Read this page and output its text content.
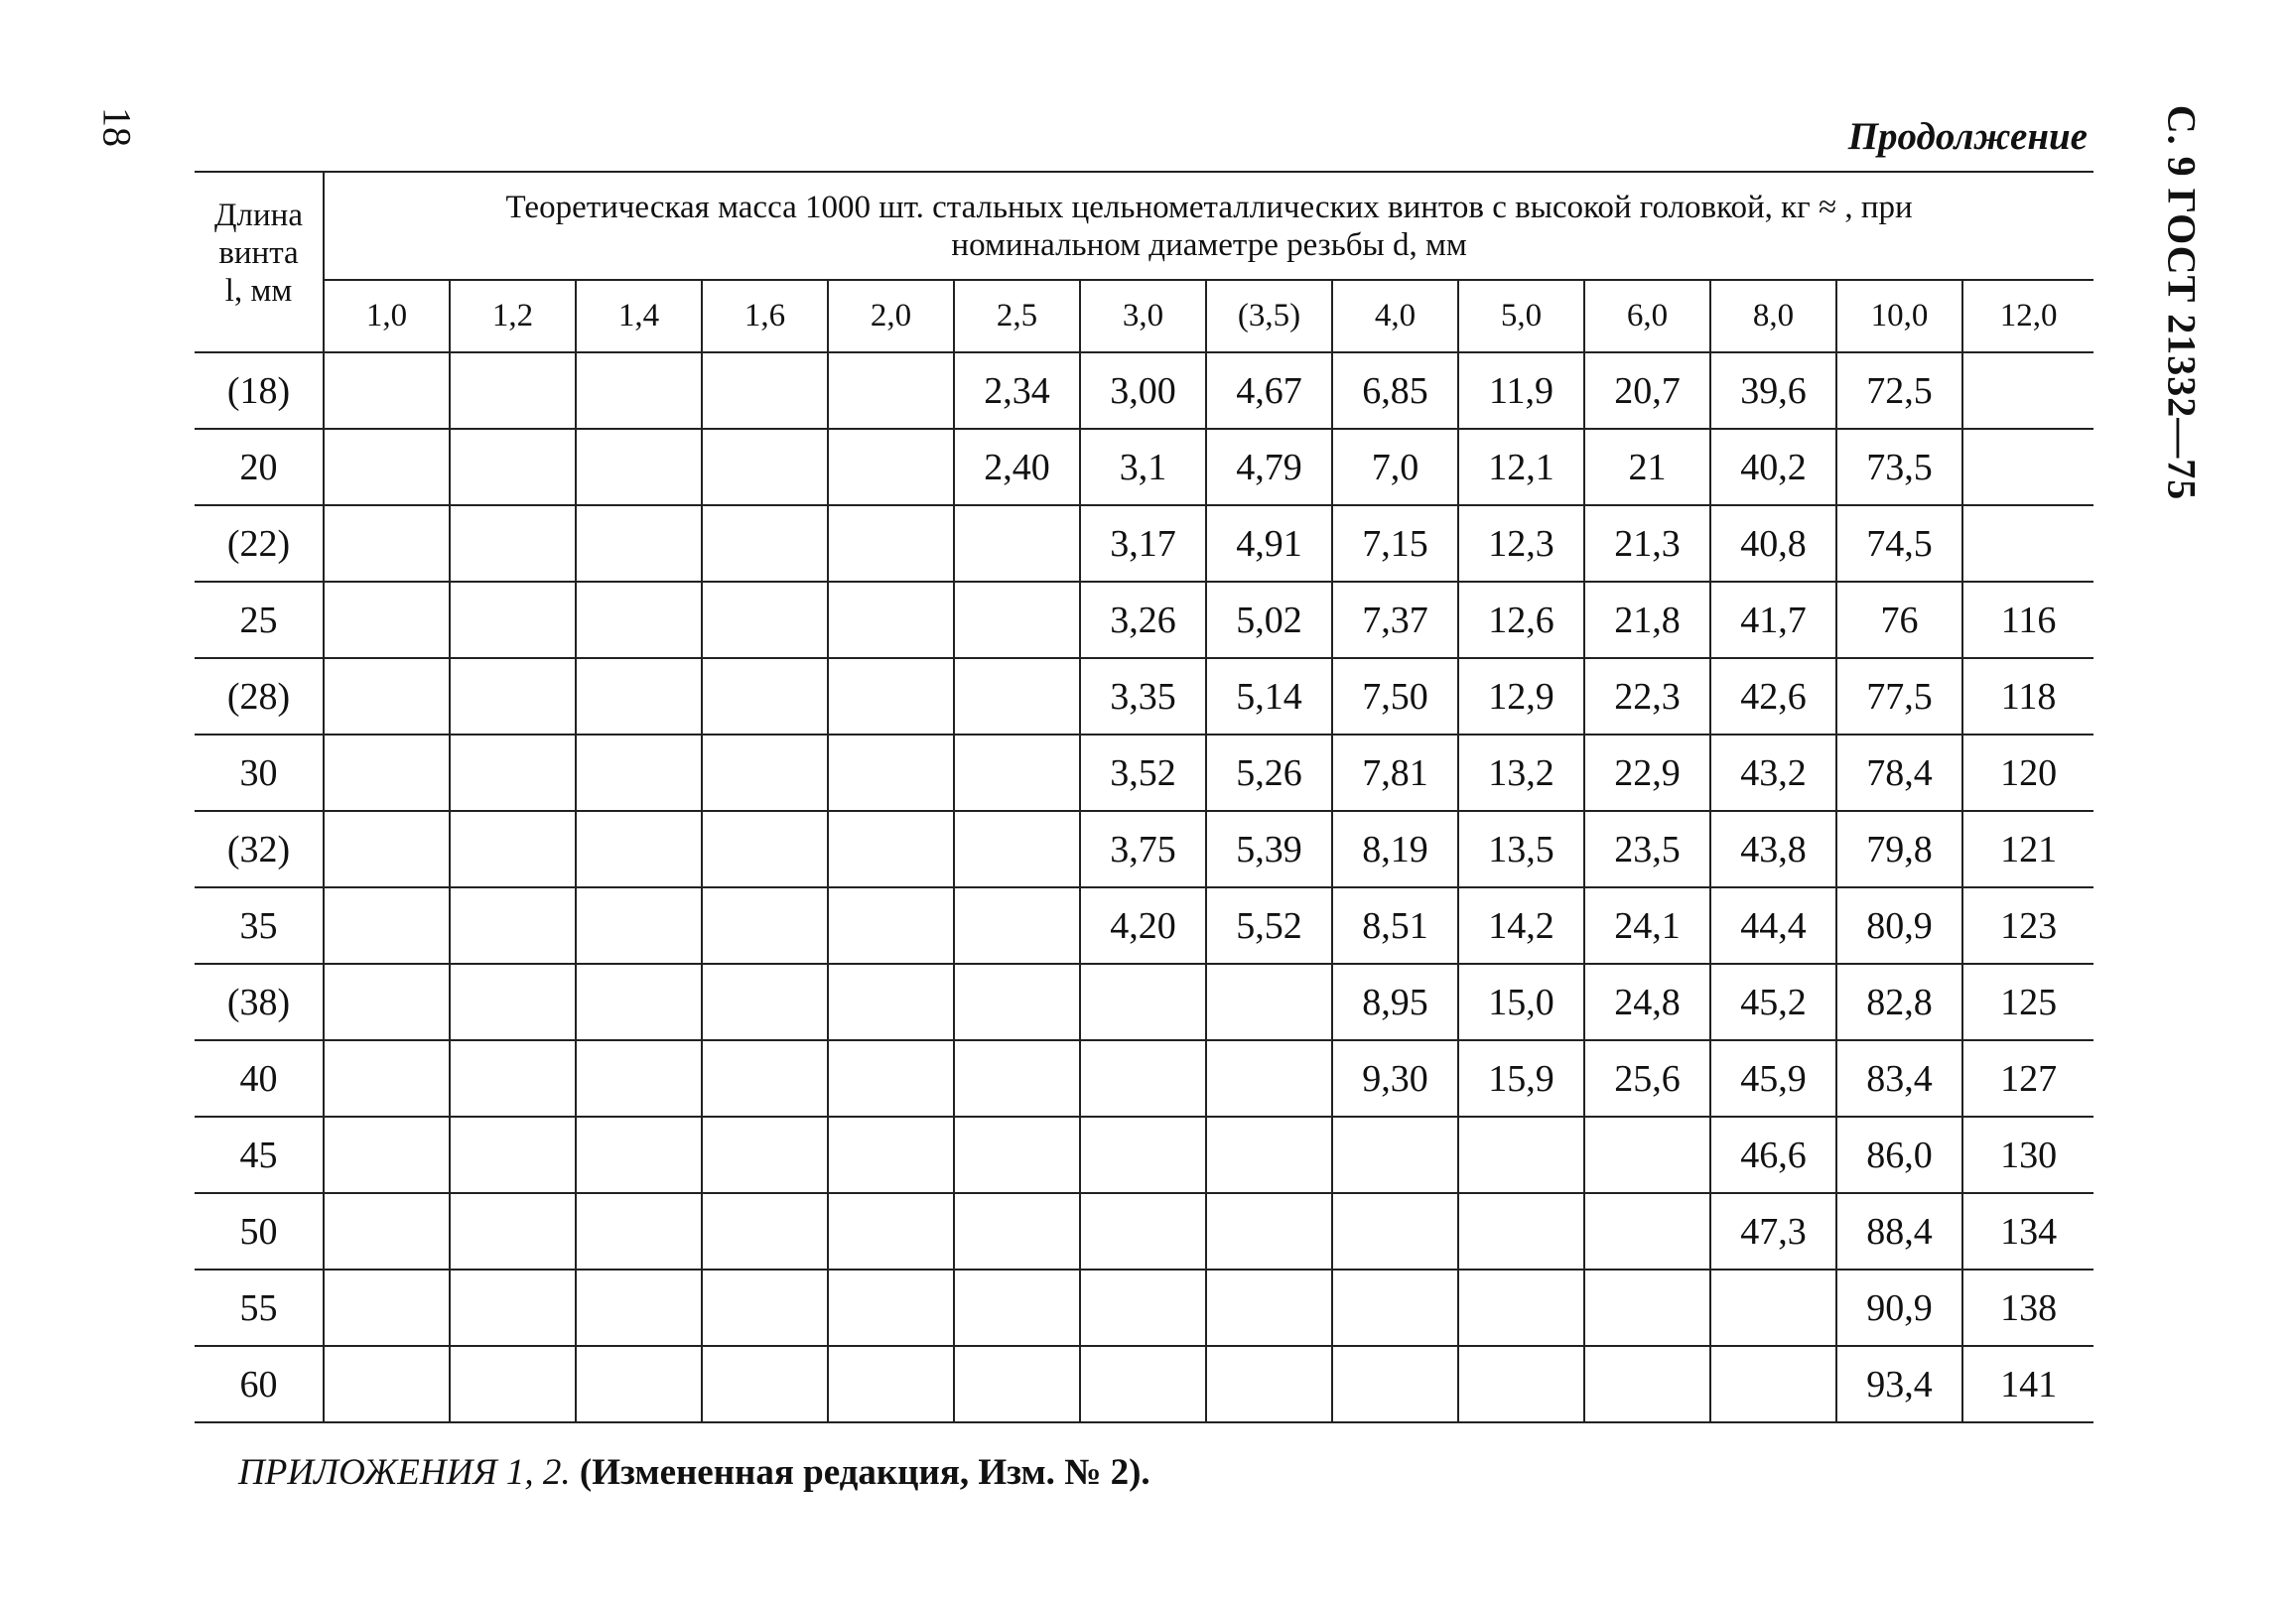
18	С. 9 ГОСТ 21332—75
Продолжение
Длина
винта
l, мм	Теоретическая масса 1000 шт. стальных цельнометаллических винтов с высокой головкой, кг ≈ , при
номинальном диаметре резьбы d, мм													
	1,0	1,2	1,4	1,6	2,0	2,5	3,0	(3,5)	4,0	5,0	6,0	8,0	10,0	12,0
(18)						2,34	3,00	4,67	6,85	11,9	20,7	39,6	72,5	
20						2,40	3,1	4,79	7,0	12,1	21	40,2	73,5	
(22)							3,17	4,91	7,15	12,3	21,3	40,8	74,5	
25							3,26	5,02	7,37	12,6	21,8	41,7	76	116
(28)							3,35	5,14	7,50	12,9	22,3	42,6	77,5	118
30							3,52	5,26	7,81	13,2	22,9	43,2	78,4	120
(32)							3,75	5,39	8,19	13,5	23,5	43,8	79,8	121
35							4,20	5,52	8,51	14,2	24,1	44,4	80,9	123
(38)									8,95	15,0	24,8	45,2	82,8	125
40									9,30	15,9	25,6	45,9	83,4	127
45												46,6	86,0	130
50												47,3	88,4	134
55													90,9	138
60													93,4	141
ПРИЛОЖЕНИЯ 1, 2. (Измененная редакция, Изм. № 2).
